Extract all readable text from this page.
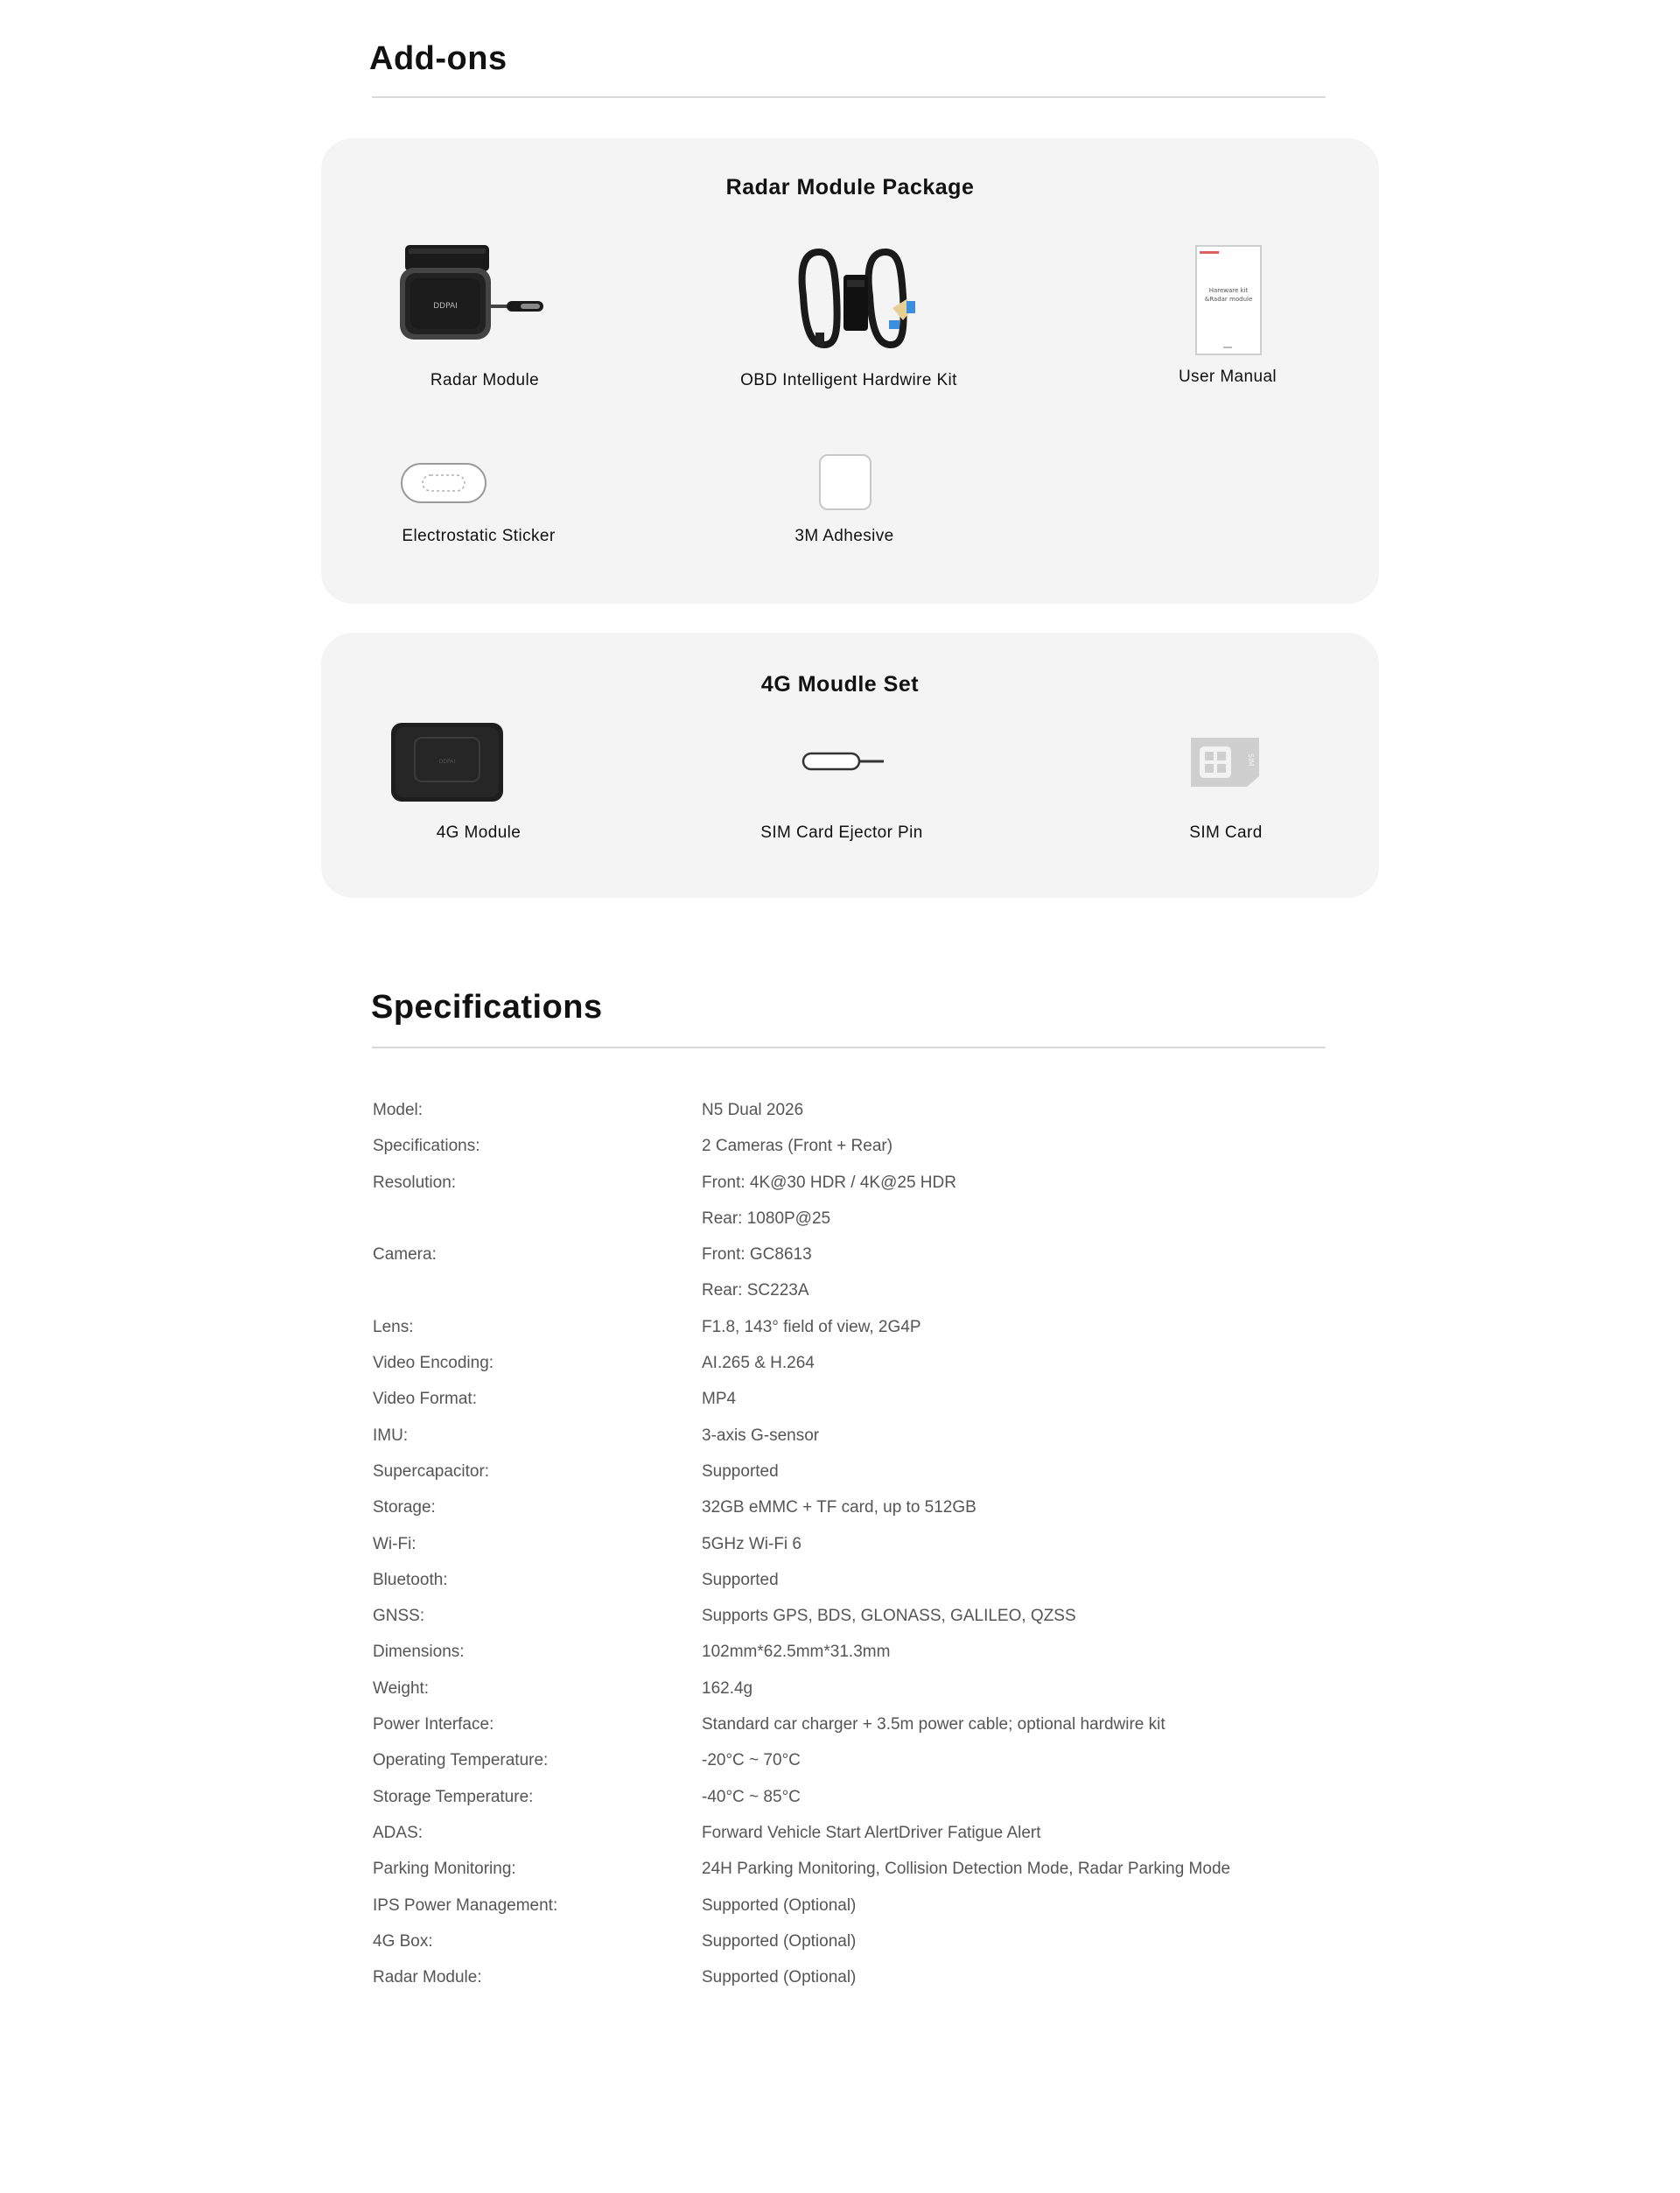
Add-ons
Radar Module Package
DDPAI
Radar Module	OBD Intelligent Hardwire Kit
Hareware kit
&Radar module
User Manual
Electrostatic Sticker	3M Adhesive
4G Moudle Set
DDPAI
4G Module	SIM Card Ejector Pin
SIM
SIM Card
Specifications
Model:	N5 Dual 2026
Specifications:	2 Cameras (Front + Rear)
Resolution:	Front: 4K@30 HDR / 4K@25 HDR
Rear: 1080P@25
Camera:	Front: GC8613
Rear: SC223A
Lens:	F1.8, 143° field of view, 2G4P
Video Encoding:	AI.265 & H.264
Video Format:	MP4
IMU:	3-axis G-sensor
Supercapacitor:	Supported
Storage:	32GB eMMC + TF card, up to 512GB
Wi-Fi:	5GHz Wi-Fi 6
Bluetooth:	Supported
GNSS:	Supports GPS, BDS, GLONASS, GALILEO, QZSS
Dimensions:	102mm*62.5mm*31.3mm
Weight:	162.4g
Power Interface:	Standard car charger + 3.5m power cable; optional hardwire kit
Operating Temperature:	-20°C ~ 70°C
Storage Temperature:	-40°C ~ 85°C
ADAS:	Forward Vehicle Start AlertDriver Fatigue Alert
Parking Monitoring:	24H Parking Monitoring, Collision Detection Mode, Radar Parking Mode
IPS Power Management:	Supported (Optional)
4G Box:	Supported (Optional)
Radar Module:	Supported (Optional)
